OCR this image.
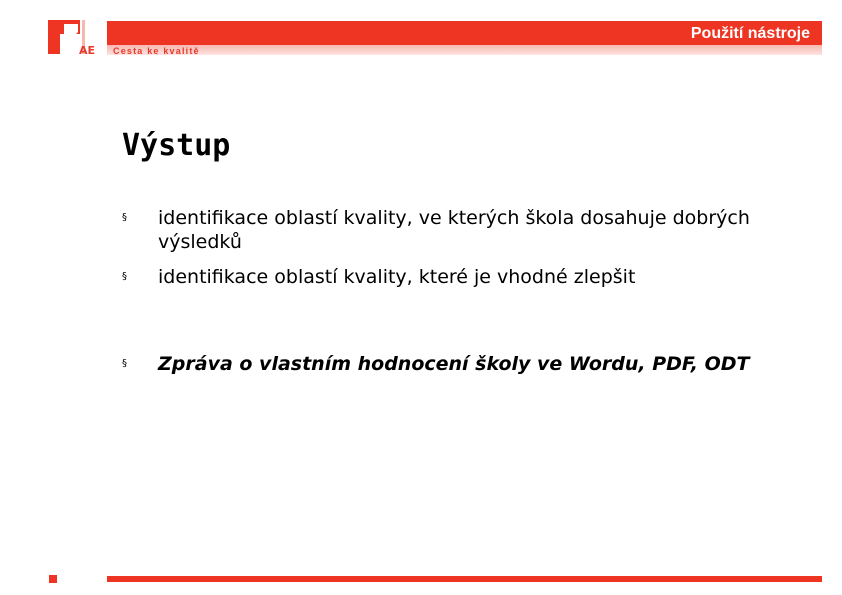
AE
Použití nástroje
Cesta ke kvalitě
Výstup
§ identifikace oblastí kvality, ve kterých škola dosahuje dobrých výsledků
§ identifikace oblastí kvality, které je vhodné zlepšit
§ Zpráva o vlastním hodnocení školy ve Wordu, PDF, ODT
